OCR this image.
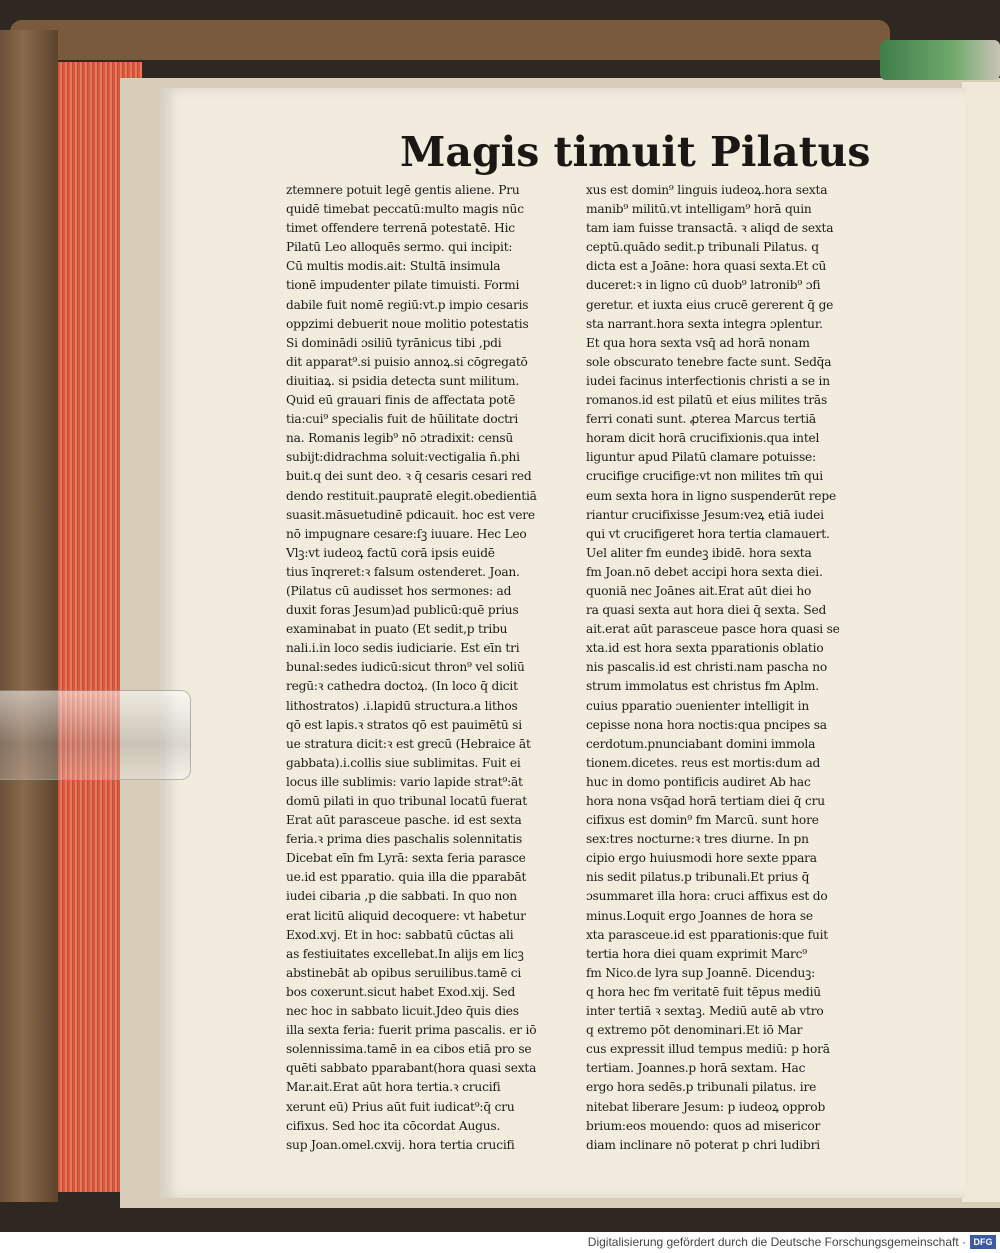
Magis timuit Pilatus
ztemnere potuit legē gentis aliene. Pru
quidē timebat peccatū:multo magis nūc
timet offendere terrenā potestatē. Hic
Pilatū Leo alloquēs sermo. qui incipit:
Cū multis modis.ait: Stultā insimula
tionē impudenter pilate timuisti. Formi
dabile fuit nomē regiū:vt.p impio cesaris
oppzimi debuerit noue molitio potestatis
Si dominādi ɔsiliū tyrānicus tibi ,pdi
dit apparat⁹.si puisio annoꝝ.si cōgregatō
diuitiaꝝ. si psidia detecta sunt militum.
Quid eū grauari finis de affectata potē
tia:cui⁹ specialis fuit de hūilitate doctri
na. Romanis legib⁹ nō ɔtradixit: censū
subijt:didrachma soluit:vectigalia n̄.phi
buit.q dei sunt deo. ꝛ q̄ cesaris cesari red
dendo restituit.paupratē elegit.obedientiā
suasit.māsuetudinē pdicauit. hoc est vere
nō impugnare cesare:ſꝫ iuuare. Hec Leo
Vlꝫ:vt iudeoꝝ factū corā ipsis euidē
tius īnqreret:ꝛ falsum ostenderet. Joan.
(Pilatus cū audisset hos sermones: ad
duxit foras Jesum)ad publicū:quē prius
examinabat in puato (Et sedit,p tribu
nali.i.in loco sedis iudiciarie. Est eīn tri
bunal:sedes iudicū:sicut thron⁹ vel soliū
regū:ꝛ cathedra doctoꝝ. (In loco q̄ dicit
lithostratos) .i.lapidū structura.a lithos
qō est lapis.ꝛ stratos qō est pauimētū si
ue stratura dicit:ꝛ est grecū (Hebraice āt
gabbata).i.collis siue sublimitas. Fuit ei
locus ille sublimis: vario lapide strat⁹:āt
domū pilati in quo tribunal locatū fuerat
Erat aūt parasceue pasche. id est sexta
feria.ꝛ prima dies paschalis solennitatis
Dicebat eīn fm Lyrā: sexta feria parasce
ue.id est pparatio. quia illa die pparabāt
iudei cibaria ,p die sabbati. In quo non
erat licitū aliquid decoquere: vt habetur
Exod.xvj. Et in hoc: sabbatū cūctas ali
as festiuitates excellebat.In alijs em licꝫ
abstinebāt ab opibus seruilibus.tamē ci
bos coxerunt.sicut habet Exod.xij. Sed
nec hoc in sabbato licuit.Jdeo q̄uis dies
illa sexta feria: fuerit prima pascalis. er iō
solennissima.tamē in ea cibos etiā pro se
quēti sabbato pparabant(hora quasi sexta
Mar.ait.Erat aūt hora tertia.ꝛ crucifi
xerunt eū) Prius aūt fuit iudicat⁹:q̄ cru
cifixus. Sed hoc ita cōcordat Augus.
sup Joan.omel.cxvij. hora tertia crucifi
xus est domin⁹ linguis iudeoꝝ.hora sexta
manib⁹ militū.vt intelligam⁹ horā quin
tam iam fuisse transactā. ꝛ aliqd de sexta
ceptū.quādo sedit.p tribunali Pilatus. q
dicta est a Joāne: hora quasi sexta.Et cū
duceret:ꝛ in ligno cū duob⁹ latronib⁹ ɔfi
geretur. et iuxta eius crucē gererent q̄ ge
sta narrant.hora sexta integra ɔplentur.
Et qua hora sexta vsq̄ ad horā nonam
sole obscurato tenebre facte sunt. Sedq̄a
iudei facinus interfectionis christi a se in
romanos.id est pilatū et eius milites trās
ferri conati sunt. ꝓterea Marcus tertiā
horam dicit horā crucifixionis.qua intel
liguntur apud Pilatū clamare potuisse:
crucifige crucifige:vt non milites tm̄ qui
eum sexta hora in ligno suspenderūt repe
riantur crucifixisse Jesum:veꝝ etiā iudei
qui vt crucifigeret hora tertia clamauert.
Uel aliter fm eundeꝫ ibidē. hora sexta
fm Joan.nō debet accipi hora sexta diei.
quoniā nec Joānes ait.Erat aūt diei ho
ra quasi sexta aut hora diei q̄ sexta. Sed
ait.erat aūt parasceue pasce hora quasi se
xta.id est hora sexta pparationis oblatio
nis pascalis.id est christi.nam pascha no
strum immolatus est christus fm Aplm.
cuius pparatio ɔuenienter intelligit in
cepisse nona hora noctis:qua pncipes sa
cerdotum.pnunciabant domini immola
tionem.dicetes. reus est mortis:dum ad
huc in domo pontificis audiret Ab hac
hora nona vsq̄ad horā tertiam diei q̄ cru
cifixus est domin⁹ fm Marcū. sunt hore
sex:tres nocturne:ꝛ tres diurne. In pn
cipio ergo huiusmodi hore sexte ppara
nis sedit pilatus.p tribunali.Et prius q̄
ɔsummaret illa hora: cruci affixus est do
minus.Loquit ergo Joannes de hora se
xta parasceue.id est pparationis:que fuit
tertia hora diei quam exprimit Marc⁹
fm Nico.de lyra sup Joannē. Dicenduꝫ:
q hora hec fm veritatē fuit tēpus mediū
inter tertiā ꝛ sextaꝫ. Mediū autē ab vtro
q extremo pōt denominari.Et iō Mar
cus expressit illud tempus mediū: p horā
tertiam. Joannes.p horā sextam. Hac
ergo hora sedēs.p tribunali pilatus. ire
nitebat liberare Jesum: p iudeoꝝ opprob
brium:eos mouendo: quos ad misericor
diam inclinare nō poterat p chri ludibri
Digitalisierung gefördert durch die Deutsche Forschungsgemeinschaft · DFG
